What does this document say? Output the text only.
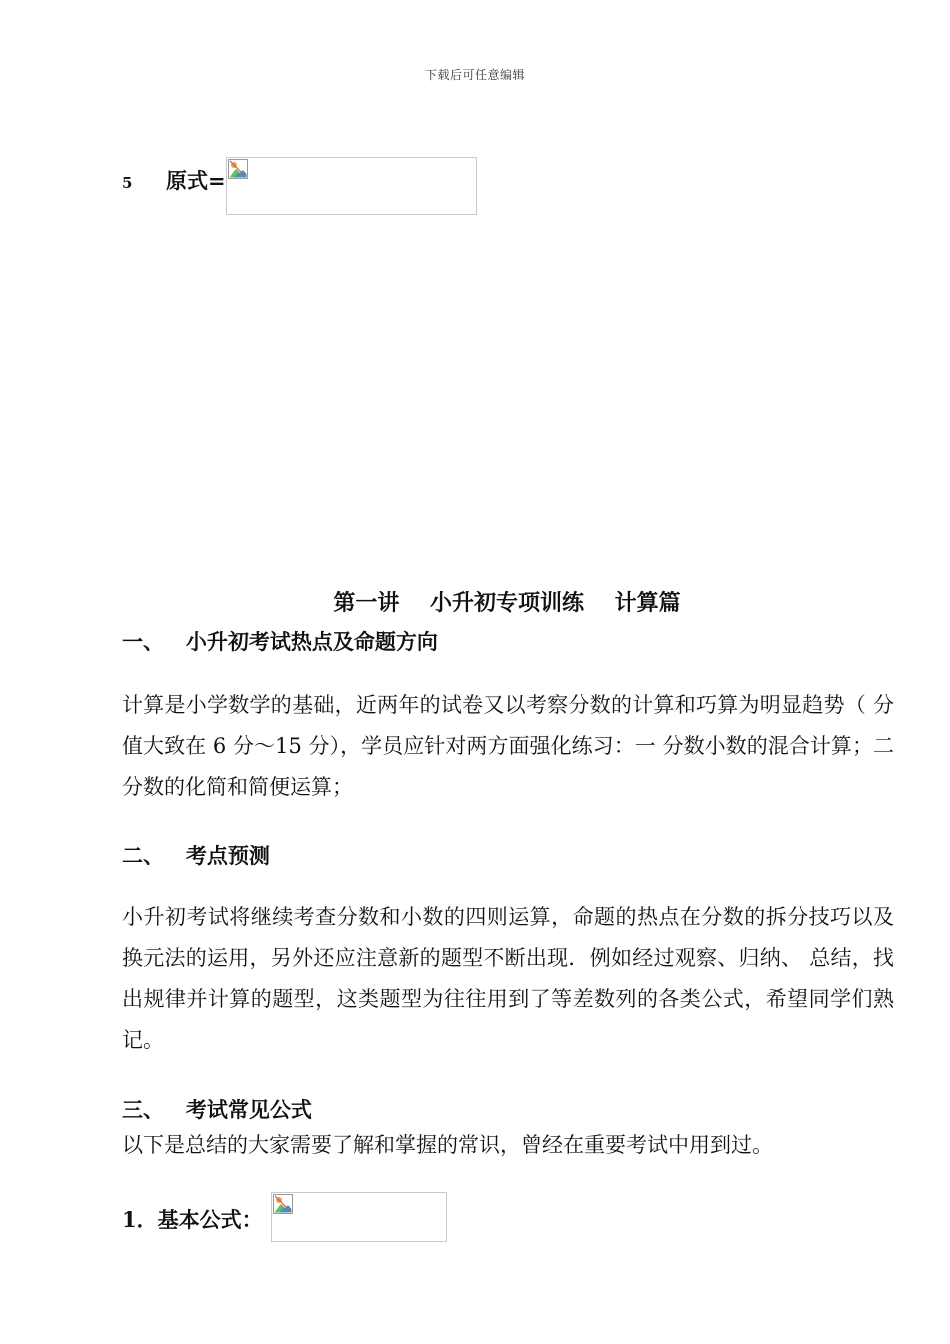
下载后可任意编辑
5	原式=
第一讲    小升初专项训练    计算篇
一、   小升初考试热点及命题方向
计算是小学数学的基础，近两年的试卷又以考察分数的计算和巧算为明显趋势（ 分值大致在 6 分～15 分），学员应针对两方面强化练习：一 分数小数的混合计算；二 分数的化简和简便运算；
二、   考点预测
小升初考试将继续考查分数和小数的四则运算，命题的热点在分数的拆分技巧以及换元法的运用，另外还应注意新的题型不断出现．例如经过观察、归纳、 总结，找出规律并计算的题型，这类题型为往往用到了等差数列的各类公式，希望同学们熟记。
三、   考试常见公式
以下是总结的大家需要了解和掌握的常识，曾经在重要考试中用到过。
1．基本公式：
